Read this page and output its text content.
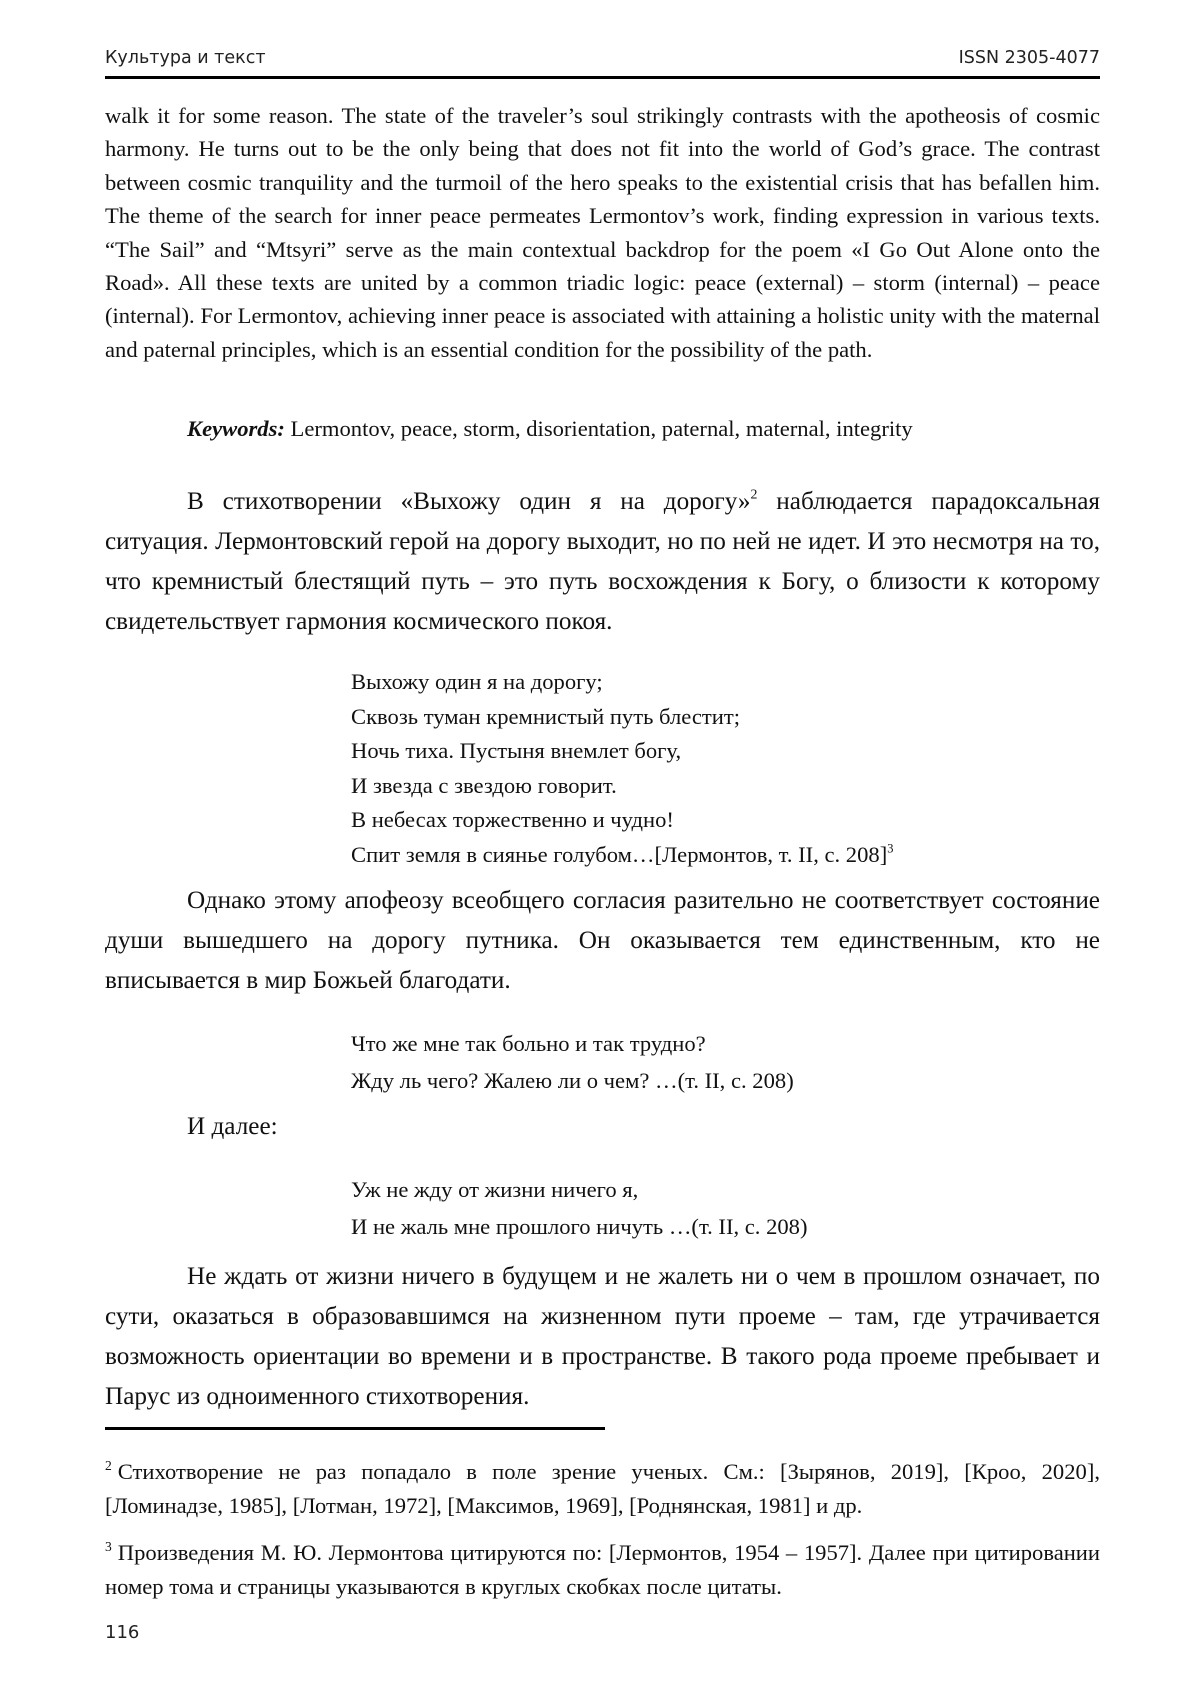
Культура и текст	ISSN 2305-4077

walk it for some reason. The state of the traveler’s soul strikingly contrasts with the apotheosis of cosmic harmony. He turns out to be the only being that does not fit into the world of God’s grace. The contrast between cosmic tranquility and the turmoil of the hero speaks to the existential crisis that has befallen him. The theme of the search for inner peace permeates Lermontov’s work, finding expression in various texts. “The Sail” and “Mtsyri” serve as the main contextual backdrop for the poem «I Go Out Alone onto the Road». All these texts are united by a common triadic logic: peace (external) – storm (internal) – peace (internal). For Lermontov, achieving inner peace is associated with attaining a holistic unity with the maternal and paternal principles, which is an essential condition for the possibility of the path.

Keywords: Lermontov, peace, storm, disorientation, paternal, maternal, integrity

В стихотворении «Выхожу один я на дорогу»$^2$ наблюдается парадоксальная ситуация. Лермонтовский герой на дорогу выходит, но по ней не идет. И это несмотря на то, что кремнистый блестящий путь – это путь восхождения к Богу, о близости к которому свидетельствует гармония космического покоя.

Выхожу один я на дорогу;
Сквозь туман кремнистый путь блестит;
Ночь тиха. Пустыня внемлет богу,
И звезда с звездою говорит.
В небесах торжественно и чудно!
Спит земля в сиянье голубом…[Лермонтов, т. II, с. 208]$^3$

Однако этому апофеозу всеобщего согласия разительно не соответствует состояние души вышедшего на дорогу путника. Он оказывается тем единственным, кто не вписывается в мир Божьей благодати.

Что же мне так больно и так трудно?
Жду ль чего? Жалею ли о чем? …(т. II, с. 208)
И далее:
Уж не жду от жизни ничего я,
И не жаль мне прошлого ничуть …(т. II, с. 208)

Не ждать от жизни ничего в будущем и не жалеть ни о чем в прошлом означает, по сути, оказаться в образовавшимся на жизненном пути проеме – там, где утрачивается возможность ориентации во времени и в пространстве. В такого рода проеме пребывает и Парус из одноименного стихотворения.

$^2$ Стихотворение не раз попадало в поле зрение ученых. См.: [Зырянов, 2019], [Кроо, 2020], [Ломинадзе, 1985], [Лотман, 1972], [Максимов, 1969], [Роднянская, 1981] и др.

$^3$ Произведения М. Ю. Лермонтова цитируются по: [Лермонтов, 1954 – 1957]. Далее при цитировании номер тома и страницы указываются в круглых скобках после цитаты.

116
